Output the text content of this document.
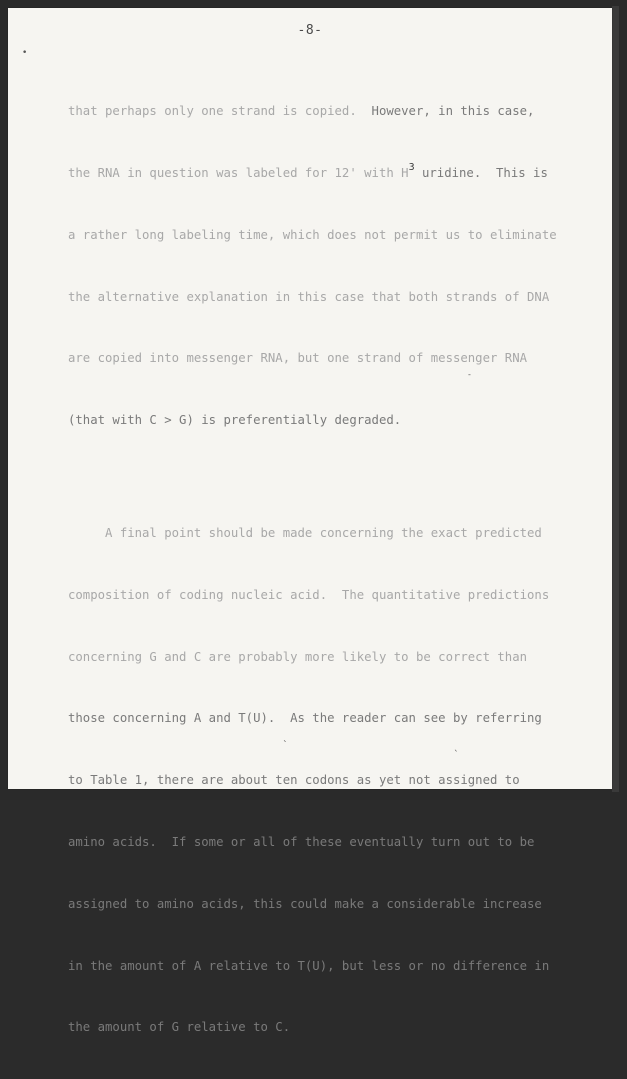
-8-
•
-
ˎ
ˋ

that perhaps only one strand is copied.  However, in this case,

the RNA in question was labeled for 12' with $H^3$ uridine.  This is

a rather long labeling time, which does not permit us to eliminate

the alternative explanation in this case that both strands of DNA

are copied into messenger RNA, but one strand of messenger RNA

(that with C > G) is preferentially degraded.

A final point should be made concerning the exact predicted

composition of coding nucleic acid.  The quantitative predictions

concerning G and C are probably more likely to be correct than

those concerning A and T(U).  As the reader can see by referring

to Table 1, there are about ten codons as yet not assigned to

amino acids.  If some or all of these eventually turn out to be

assigned to amino acids, this could make a considerable increase

in the amount of A relative to T(U), but less or no difference in

the amount of G relative to C.
